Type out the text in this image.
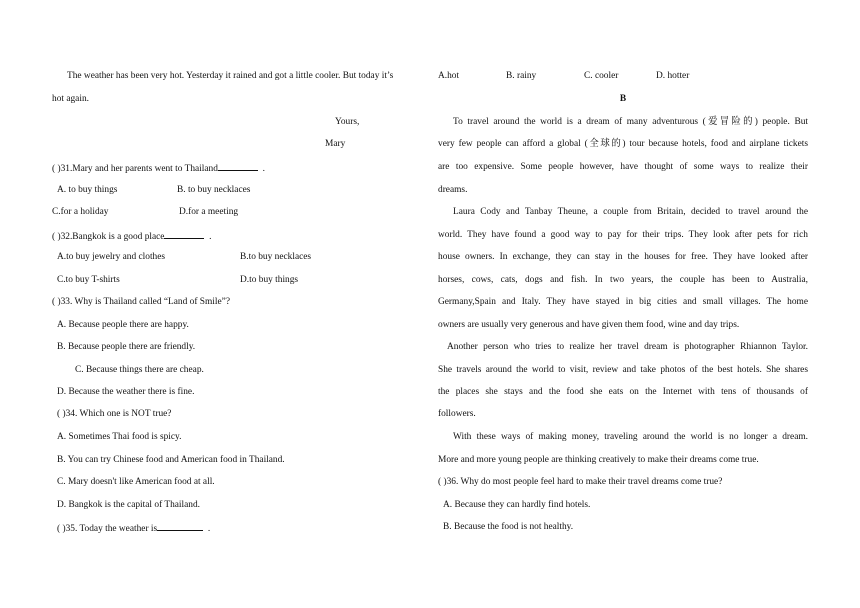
The weather has been very hot. Yesterday it rained and got a little cooler. But today it’s
hot again.
Yours,
Mary
( )31.Mary and her parents went to Thailand	.
A. to buy things	B. to buy necklaces
C.for a holiday	D.for a meeting
( )32.Bangkok is a good place	.
A.to buy jewelry and clothes	B.to buy necklaces
C.to buy T-shirts	D.to buy things
( )33. Why is Thailand called “Land of Smile”?
A. Because people there are happy.
B. Because people there are friendly.
C. Because things there are cheap.
D. Because the weather there is fine.
( )34. Which one is NOT true?
A. Sometimes Thai food is spicy.
B. You can try Chinese food and American food in Thailand.
C. Mary doesn't like American food at all.
D. Bangkok is the capital of Thailand.
( )35. Today the weather is	.
A.hot	B. rainy	C. cooler	D. hotter
B
To travel around the world is a dream of many adventurous (爱冒险的) people. But
very few people can afford a global (全球的) tour because hotels, food and airplane tickets
are too expensive. Some people however, have thought of some ways to realize their
dreams.
Laura Cody and Tanbay Theune, a couple from Britain, decided to travel around the
world. They have found a good way to pay for their trips. They look after pets for rich
house owners. In exchange, they can stay in the houses for free. They have looked after
horses, cows, cats, dogs and fish. In two years, the couple has been to Australia,
Germany,Spain and Italy. They have stayed in big cities and small villages. The home
owners are usually very generous and have given them food, wine and day trips.
Another person who tries to realize her travel dream is photographer Rhiannon Taylor.
She travels around the world to visit, review and take photos of the best hotels. She shares
the places she stays and the food she eats on the Internet with tens of thousands of
followers.
With these ways of making money, traveling around the world is no longer a dream.
More and more young people are thinking creatively to make their dreams come true.
( )36. Why do most people feel hard to make their travel dreams come true?
A. Because they can hardly find hotels.
B. Because the food is not healthy.
